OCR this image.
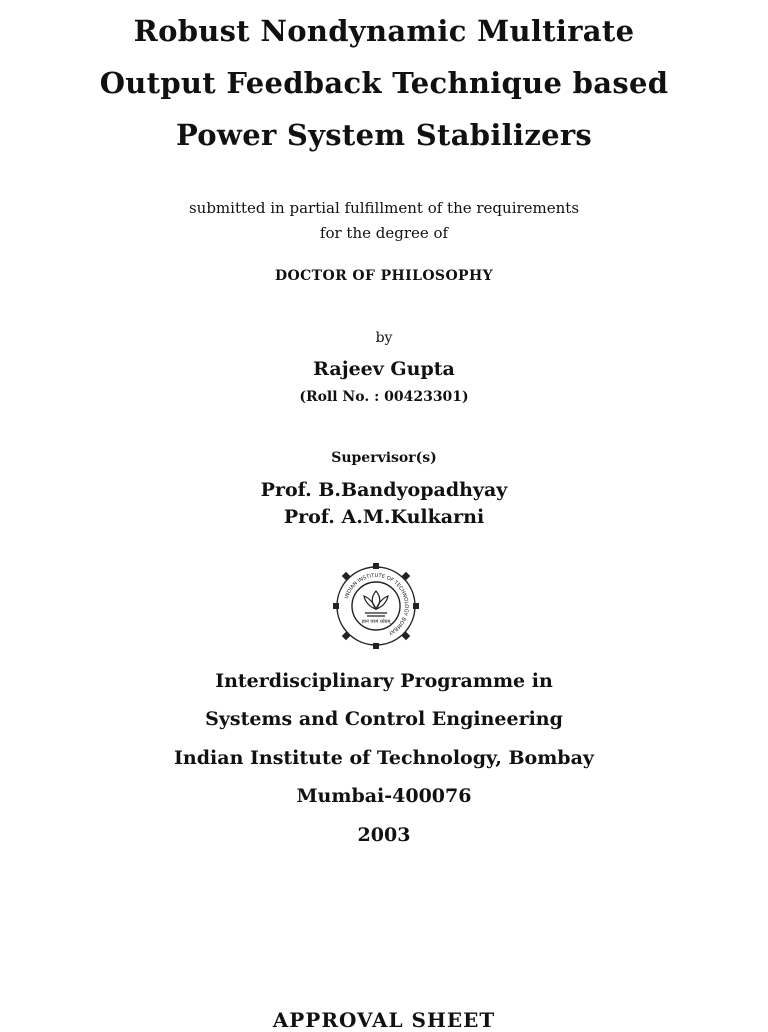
Robust Nondynamic Multirate
Output Feedback Technique based
Power System Stabilizers

submitted in partial fulfillment of the requirements

for the degree of

DOCTOR OF PHILOSOPHY

by

Rajeev Gupta

(Roll No. : 00423301)

Supervisor(s)

Prof. B.Bandyopadhyay

Prof. A.M.Kulkarni

INDIAN INSTITUTE OF TECHNOLOGY BOMBAY
ज्ञानं परमं ध्येयम्

Interdisciplinary Programme in

Systems and Control Engineering

Indian Institute of Technology, Bombay

Mumbai-400076

2003

APPROVAL SHEET
